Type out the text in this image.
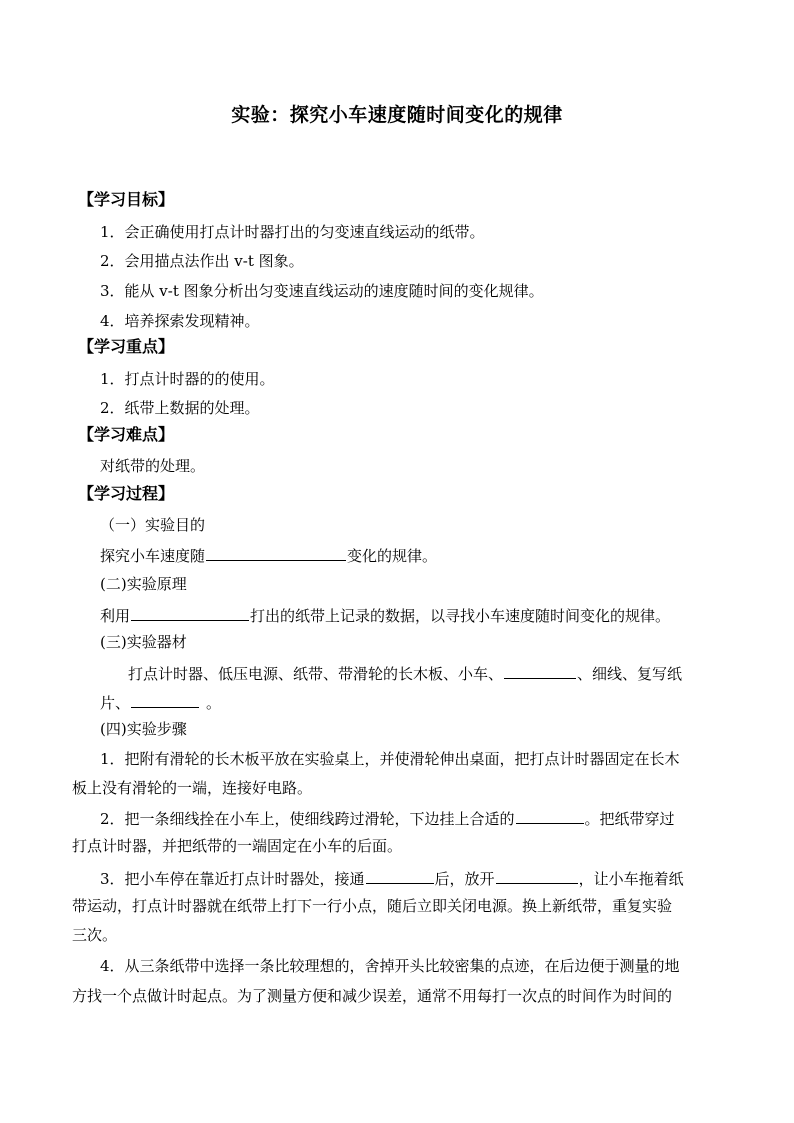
实验：探究小车速度随时间变化的规律
【学习目标】
1．会正确使用打点计时器打出的匀变速直线运动的纸带。
2．会用描点法作出 v-t 图象。
3．能从 v-t 图象分析出匀变速直线运动的速度随时间的变化规律。
4．培养探索发现精神。
【学习重点】
1．打点计时器的的使用。
2．纸带上数据的处理。
【学习难点】
对纸带的处理。
【学习过程】
（一）实验目的
探究小车速度随	变化的规律。
(二)实验原理
利用	打出的纸带上记录的数据，以寻找小车速度随时间变化的规律。
(三)实验器材
打点计时器、低压电源、纸带、带滑轮的长木板、小车、	、细线、复写纸
片、	。
(四)实验步骤
1．把附有滑轮的长木板平放在实验桌上，并使滑轮伸出桌面，把打点计时器固定在长木
板上没有滑轮的一端，连接好电路。
2．把一条细线拴在小车上，使细线跨过滑轮，下边挂上合适的	。把纸带穿过
打点计时器，并把纸带的一端固定在小车的后面。
3．把小车停在靠近打点计时器处，接通	后，放开	，让小车拖着纸
带运动，打点计时器就在纸带上打下一行小点，随后立即关闭电源。换上新纸带，重复实验
三次。
4．从三条纸带中选择一条比较理想的，舍掉开头比较密集的点迹，在后边便于测量的地
方找一个点做计时起点。为了测量方便和减少误差，通常不用每打一次点的时间作为时间的
